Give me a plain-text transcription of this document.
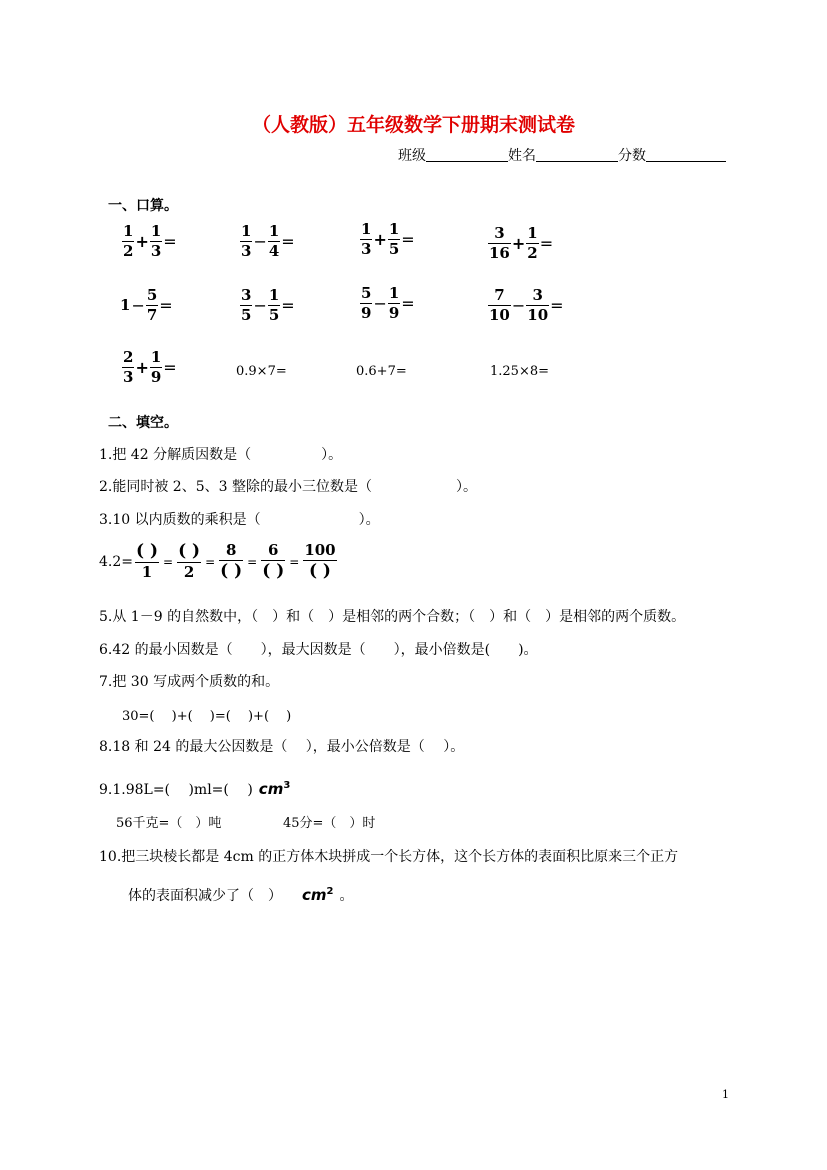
（人教版）五年级数学下册期末测试卷
班级	姓名	分数
一、口算。
$\frac{1}{2} + \frac{1}{3}$ =	$\frac{1}{3} - \frac{1}{4}$ =	$\frac{1}{3} + \frac{1}{5}$ =	$\frac{3}{16} + \frac{1}{2}$ =
$1 - \frac{5}{7}$ =	$\frac{3}{5} - \frac{1}{5}$ =	$\frac{5}{9} - \frac{1}{9}$ =	$\frac{7}{10} - \frac{3}{10}$ =
$\frac{2}{3} + \frac{1}{9}$ =	0.9×7=	0.6+7=	1.25×8=
二、填空。
1.把 42 分解质因数是（　　　　　）。
2.能同时被 2、5、3 整除的最小三位数是（　　　　　　）。
3.10 以内质数的乘积是（　　　　　　　）。
$4.2= \frac{( )}{1} = \frac{( )}{2} = \frac{8}{( )} = \frac{6}{( )} = \frac{100}{( )}$
5.从 1－9 的自然数中，（　）和（　）是相邻的两个合数；（　）和（　）是相邻的两个质数。
6.42 的最小因数是（　　），最大因数是（　　），最小倍数是(　　)。
7.把 30 写成两个质数的和。
30=(　 )+(　 )=(　 )+(　 )
8.18 和 24 的最大公因数是（　 ），最小公倍数是（　 ）。
9.1.98L=(　 )ml=(　 ) $cm^3$
56千克=（　）吨	45分=（　）时
10.把三块棱长都是 4cm 的正方体木块拼成一个长方体，这个长方体的表面积比原来三个正方
体的表面积减少了（　） $cm^2$ 。
1
